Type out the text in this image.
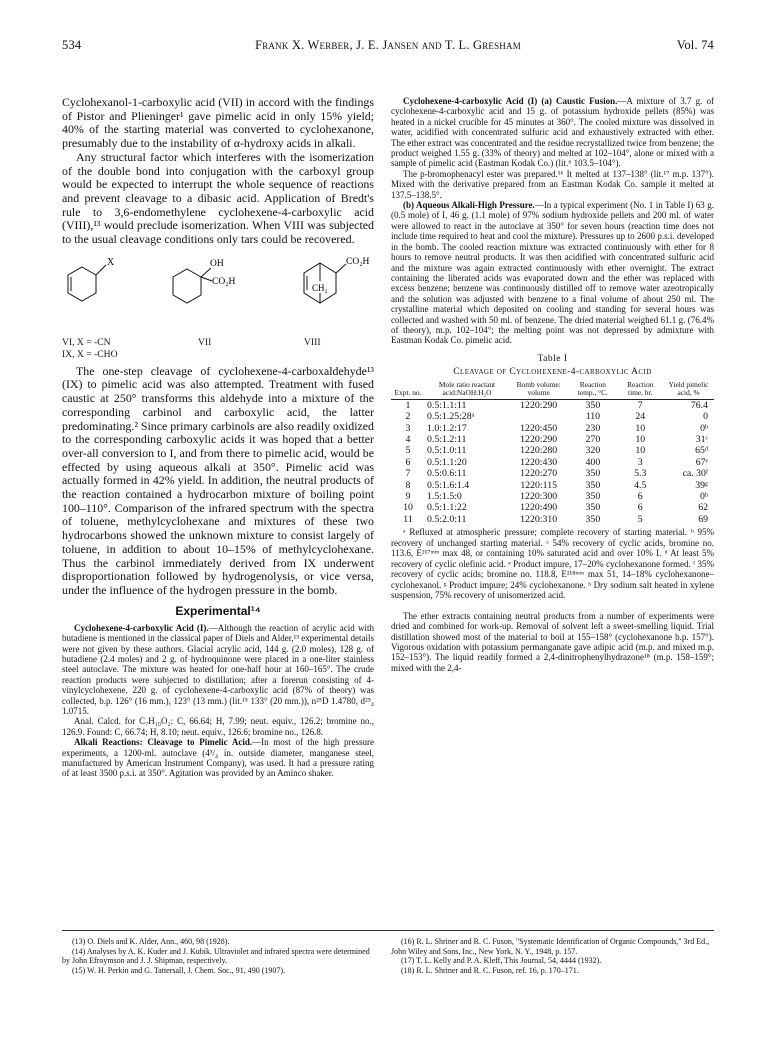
534	Frank X. Werber, J. E. Jansen and T. L. Gresham	Vol. 74

Cyclohexanol-1-carboxylic acid (VII) in accord with the findings of Pistor and Plieninger¹ gave pimelic acid in only 15% yield; 40% of the starting material was converted to cyclohexanone, presumably due to the instability of α-hydroxy acids in alkali.

Any structural factor which interferes with the isomerization of the double bond into conjugation with the carboxyl group would be expected to interrupt the whole sequence of reactions and prevent cleavage to a dibasic acid. Application of Bredt's rule to 3,6-endomethylene cyclohexene-4-carboxylic acid (VIII),¹³ would preclude isomerization. When VIII was subjected to the usual cleavage conditions only tars could be recovered.

X	OH
CO₂H
CO₂H
CH₂
VI, X = -CN
IX, X = -CHO
VII	VIII

The one-step cleavage of cyclohexene-4-carboxaldehyde¹³ (IX) to pimelic acid was also attempted. Treatment with fused caustic at 250° transforms this aldehyde into a mixture of the corresponding carbinol and carboxylic acid, the latter predominating.² Since primary carbinols are also readily oxidized to the corresponding carboxylic acids it was hoped that a better over-all conversion to I, and from there to pimelic acid, would be effected by using aqueous alkali at 350°. Pimelic acid was actually formed in 42% yield. In addition, the neutral products of the reaction contained a hydrocarbon mixture of boiling point 100–110°. Comparison of the infrared spectrum with the spectra of toluene, methylcyclohexane and mixtures of these two hydrocarbons showed the unknown mixture to consist largely of toluene, in addition to about 10–15% of methylcyclohexane. Thus the carbinol immediately derived from IX underwent disproportionation followed by hydrogenolysis, or vice versa, under the influence of the hydrogen pressure in the bomb.

Experimental¹⁴

Cyclohexene-4-carboxylic Acid (I).—Although the reaction of acrylic acid with butadiene is mentioned in the classical paper of Diels and Alder,¹³ experimental details were not given by these authors. Glacial acrylic acid, 144 g. (2.0 moles), 128 g. of butadiene (2.4 moles) and 2 g. of hydroquinone were placed in a one-liter stainless steel autoclave. The mixture was heated for one-half hour at 160–165°. The crude reaction products were subjected to distillation; after a forerun consisting of 4-vinylcyclohexene, 220 g. of cyclohexene-4-carboxylic acid (87% of theory) was collected, b.p. 126° (16 mm.), 123° (13 mm.) (lit.¹⁵ 133° (20 mm.)), n²⁵D 1.4780, d²⁵₄ 1.0715.

Anal. Calcd. for C₇H₁₀O₂: C, 66.64; H, 7.99; neut. equiv., 126.2; bromine no., 126.9. Found: C, 66.74; H, 8.10; neut. equiv., 126.6; bromine no., 126.8.

Alkali Reactions: Cleavage to Pimelic Acid.—In most of the high pressure experiments, a 1200-ml. autoclave (4³/₄ in. outside diameter, manganese steel, manufactured by American Instrument Company), was used. It had a pressure rating of at least 3500 p.s.i. at 350°. Agitation was provided by an Aminco shaker.

Cyclohexene-4-carboxylic Acid (I) (a) Caustic Fusion.—A mixture of 3.7 g. of cyclohexene-4-carboxylic acid and 15 g. of potassium hydroxide pellets (85%) was heated in a nickel crucible for 45 minutes at 360°. The cooled mixture was dissolved in water, acidified with concentrated sulfuric acid and exhaustively extracted with ether. The ether extract was concentrated and the residue recrystallized twice from benzene; the product weighed 1.55 g. (33% of theory) and melted at 102–104°, alone or mixed with a sample of pimelic acid (Eastman Kodak Co.) (lit.⁶ 103.5–104°).

The p-bromophenacyl ester was prepared.¹⁶ It melted at 137–138° (lit.¹⁷ m.p. 137°). Mixed with the derivative prepared from an Eastman Kodak Co. sample it melted at 137.5–138.5°.

(b) Aqueous Alkali-High Pressure.—In a typical experiment (No. 1 in Table I) 63 g. (0.5 mole) of I, 46 g. (1.1 mole) of 97% sodium hydroxide pellets and 200 ml. of water were allowed to react in the autoclave at 350° for seven hours (reaction time does not include time required to heat and cool the mixture). Pressures up to 2600 p.s.i. developed in the bomb. The cooled reaction mixture was extracted continuously with ether for 8 hours to remove neutral products. It was then acidified with concentrated sulfuric acid and the mixture was again extracted continuously with ether overnight. The extract containing the liberated acids was evaporated down and the ether was replaced with excess benzene; benzene was continuously distilled off to remove water azeotropically and the solution was adjusted with benzene to a final volume of about 250 ml. The crystalline material which deposited on cooling and standing for several hours was collected and washed with 50 ml. of benzene. The dried material weighed 61.1 g. (76.4% of theory), m.p. 102–104°; the melting point was not depressed by admixture with Eastman Kodak Co. pimelic acid.

Table I
Cleavage of Cyclohexene-4-carboxylic Acid
Expt. no.	Mole ratio reactant acid:NaOH:H₂O	Bomb volume: volume	Reaction temp., °C.	Reaction time, hr.	Yield pimelic acid, %
1	0.5:1.1:11	1220:290	350	7	76.4
2	0.5:1.25:28ᵃ		110	24	0
3	1.0:1.2:17	1220:450	230	10	0ᵇ
4	0.5:1.2:11	1220:290	270	10	31ᶜ
5	0.5:1.0:11	1220:280	320	10	65ᵈ
6	0.5:1.1:20	1220:430	400	3	67ᵉ
7	0.5:0.6:11	1220:270	350	5.3	ca. 30ᶠ
8	0.5:1.6:1.4	1220:115	350	4.5	39ᵍ
9	1.5:1.5:0	1220:300	350	6	0ʰ
10	0.5:1.1:22	1220:490	350	6	62
11	0.5:2.0:11	1220:310	350	5	69

ᵃ Refluxed at atmospheric pressure; complete recovery of starting material. ᵇ 95% recovery of unchanged starting material. ᶜ 54% recovery of cyclic acids, bromine no. 113.6, E²¹⁷ᵐᵐ max 48, or containing 10% saturated acid and over 10% I. ᵈ At least 5% recovery of cyclic olefinic acid. ᵉ Product impure, 17–20% cyclohexanone formed. ᶠ 35% recovery of cyclic acids; bromine no. 118.8, E²¹⁸ᵐᵐ max 51, 14–18% cyclohexanone–cyclohexanol. ᵍ Product impure; 24% cyclohexanone. ʰ Dry sodium salt heated in xylene suspension, 75% recovery of unisomerized acid.

The ether extracts containing neutral products from a number of experiments were dried and combined for work-up. Removal of solvent left a sweet-smelling liquid. Trial distillation showed most of the material to boil at 155–158° (cyclohexanone b.p. 157°). Vigorous oxidation with potassium permanganate gave adipic acid (m.p. and mixed m.p. 152–153°). The liquid readily formed a 2,4-dinitrophenylhydrazone¹⁸ (m.p. 158–159°; mixed with the 2,4-

(13) O. Diels and K. Alder, Ann., 460, 98 (1928).
(14) Analyses by A. K. Kuder and J. Kubik. Ultraviolet and infrared spectra were determined by John Efroymson and J. J. Shipman, respectively.
(15) W. H. Perkin and G. Tattersall, J. Chem. Soc., 91, 490 (1907).
(16) R. L. Shriner and R. C. Fuson, "Systematic Identification of Organic Compounds," 3rd Ed., John Wiley and Sons, Inc., New York, N. Y., 1948, p. 157.
(17) T. L. Kelly and P. A. Kleff, This Journal, 54, 4444 (1932).
(18) R. L. Shriner and R. C. Fuson, ref. 16, p. 170–171.
